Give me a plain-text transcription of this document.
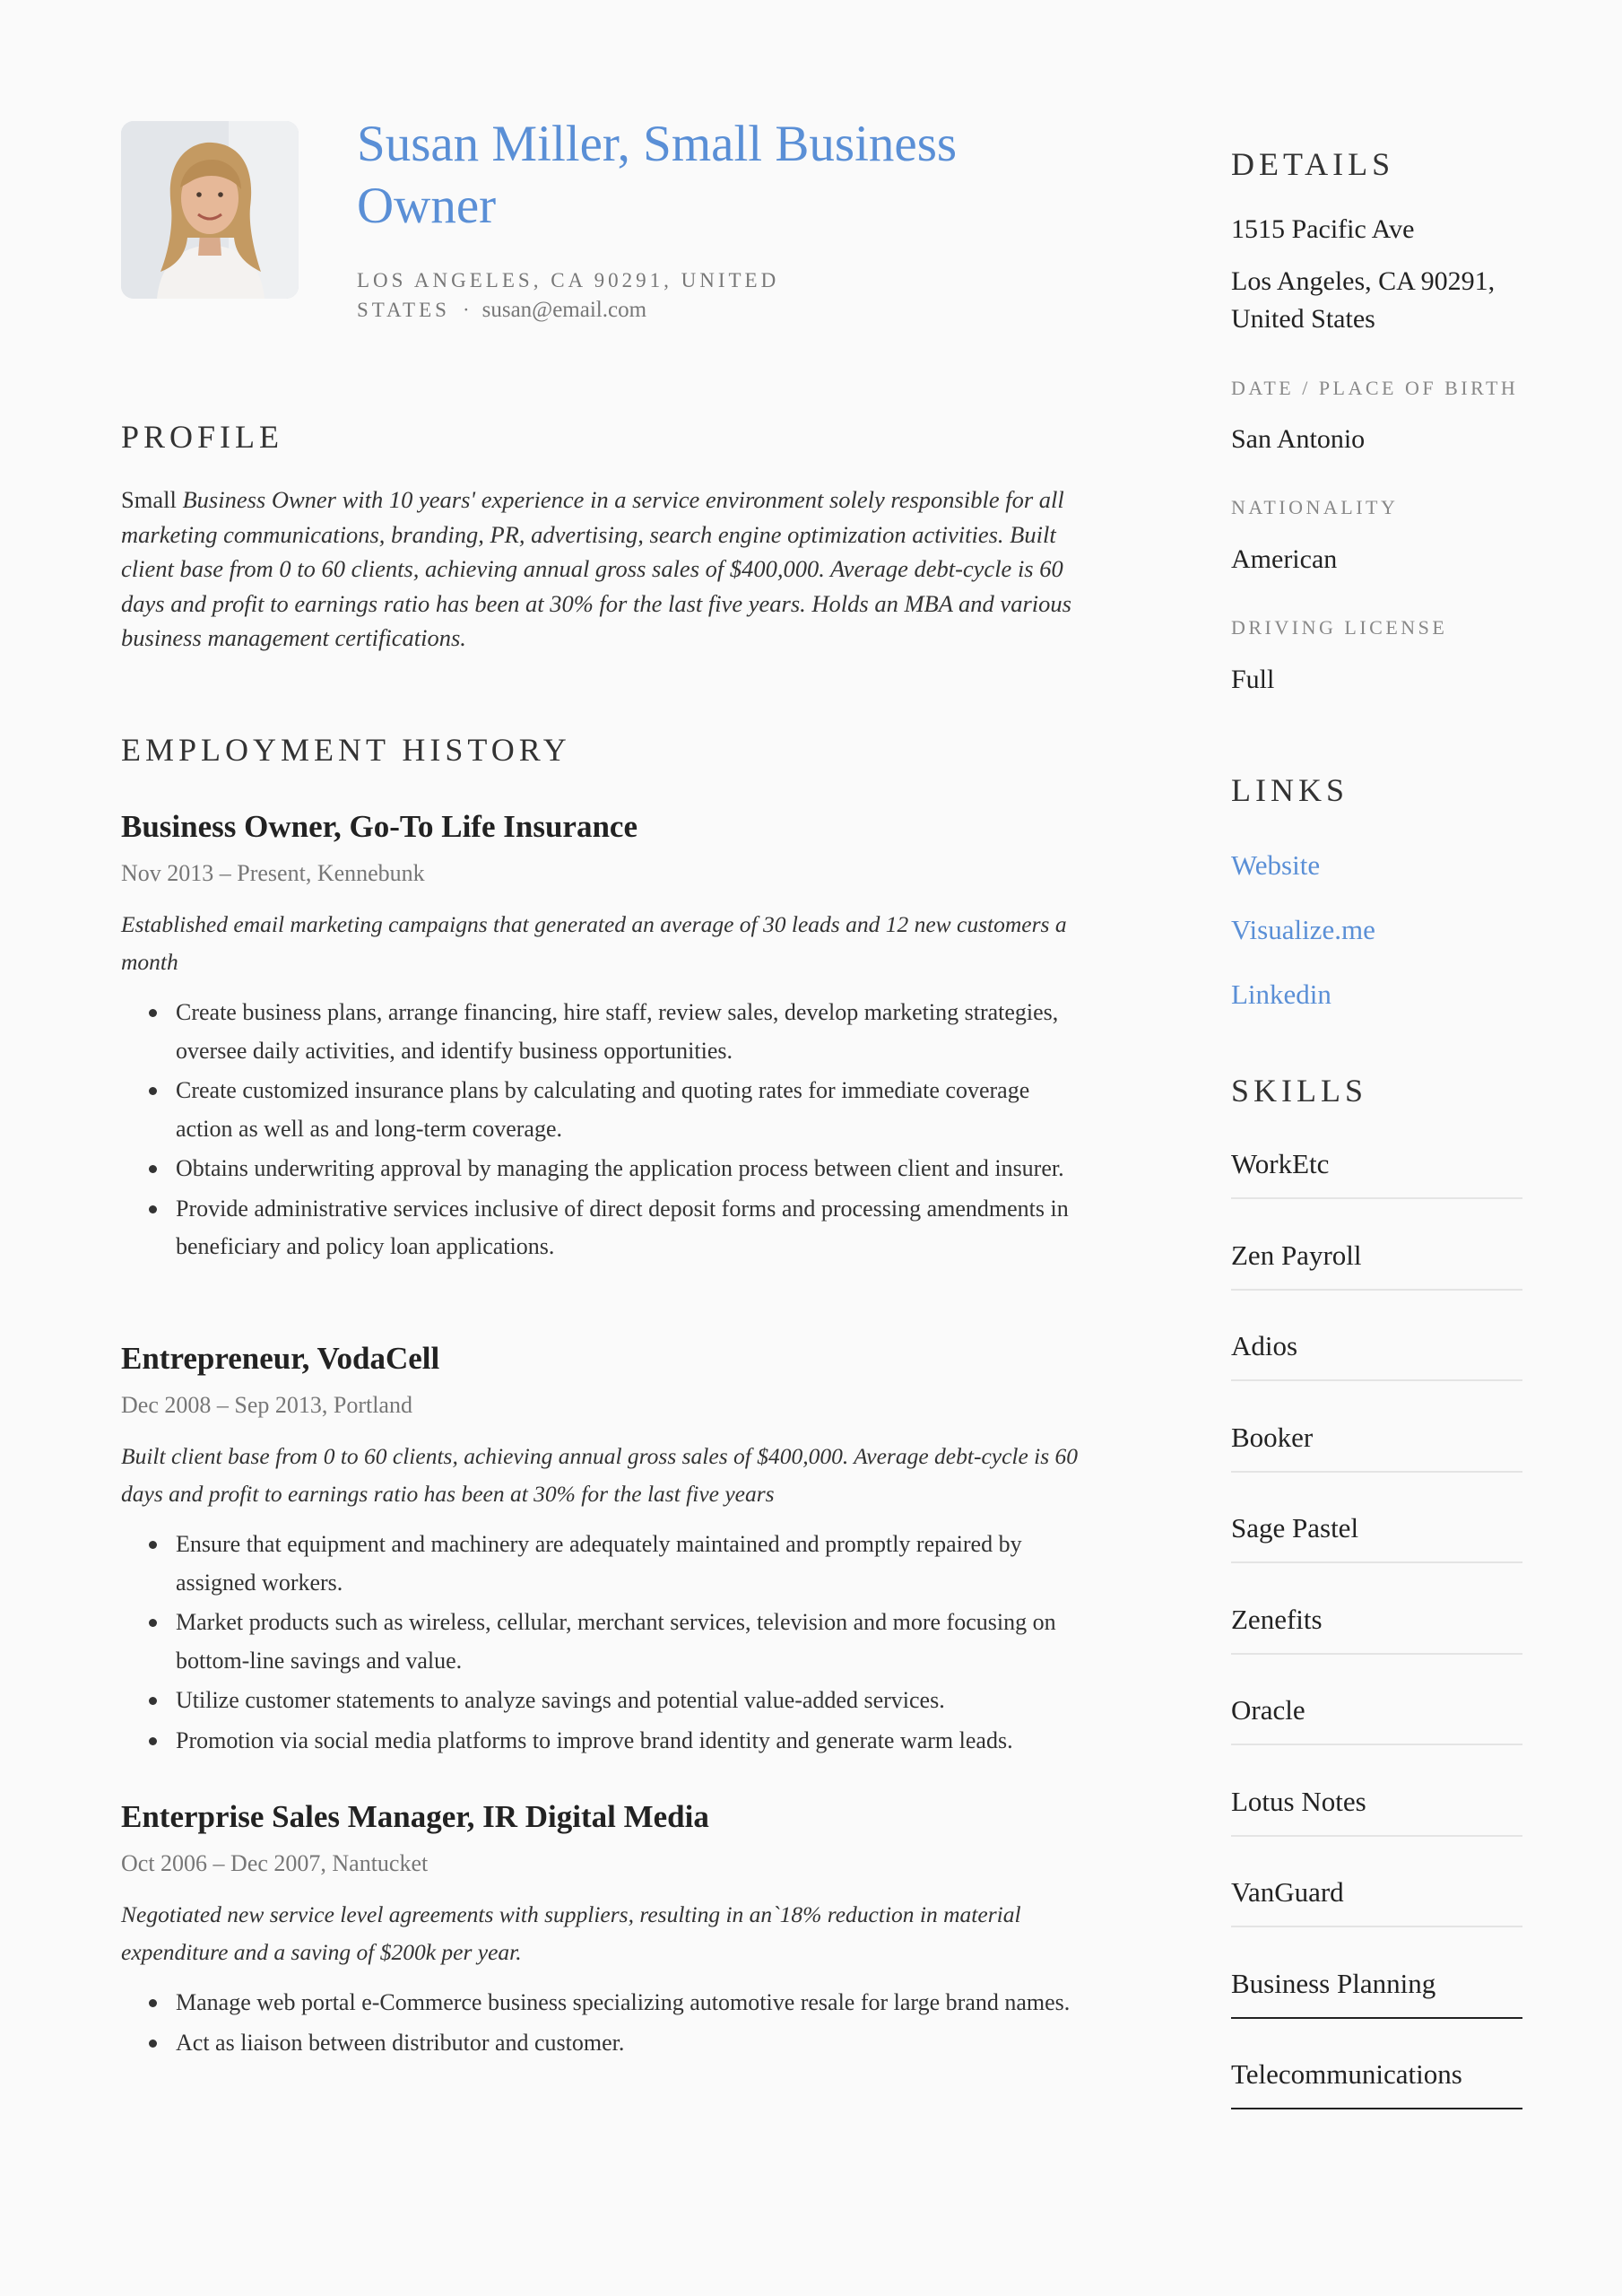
Susan Miller, Small Business Owner
LOS ANGELES, CA 90291, UNITED STATES · susan@email.com
PROFILE
Small Business Owner with 10 years' experience in a service environment solely responsible for all marketing communications, branding, PR, advertising, search engine optimization activities. Built client base from 0 to 60 clients, achieving annual gross sales of $400,000. Average debt-cycle is 60 days and profit to earnings ratio has been at 30% for the last five years. Holds an MBA and various business management certifications.
EMPLOYMENT HISTORY
Business Owner, Go-To Life Insurance
Nov 2013 – Present, Kennebunk
Established email marketing campaigns that generated an average of 30 leads and 12 new customers a month
Create business plans, arrange financing, hire staff, review sales, develop marketing strategies, oversee daily activities, and identify business opportunities.
Create customized insurance plans by calculating and quoting rates for immediate coverage action as well as and long-term coverage.
Obtains underwriting approval by managing the application process between client and insurer.
Provide administrative services inclusive of direct deposit forms and processing amendments in beneficiary and policy loan applications.
Entrepreneur, VodaCell
Dec 2008 – Sep 2013, Portland
Built client base from 0 to 60 clients, achieving annual gross sales of $400,000. Average debt-cycle is 60 days and profit to earnings ratio has been at 30% for the last five years
Ensure that equipment and machinery are adequately maintained and promptly repaired by assigned workers.
Market products such as wireless, cellular, merchant services, television and more focusing on bottom-line savings and value.
Utilize customer statements to analyze savings and potential value-added services.
Promotion via social media platforms to improve brand identity and generate warm leads.
Enterprise Sales Manager, IR Digital Media
Oct 2006 – Dec 2007, Nantucket
Negotiated new service level agreements with suppliers, resulting in an`18% reduction in material expenditure and a saving of $200k per year.
Manage web portal e-Commerce business specializing automotive resale for large brand names.
Act as liaison between distributor and customer.
DETAILS
1515 Pacific Ave
Los Angeles, CA 90291, United States
DATE / PLACE OF BIRTH
San Antonio
NATIONALITY
American
DRIVING LICENSE
Full
LINKS
Website
Visualize.me
Linkedin
SKILLS
WorkEtc
Zen Payroll
Adios
Booker
Sage Pastel
Zenefits
Oracle
Lotus Notes
VanGuard
Business Planning
Telecommunications
